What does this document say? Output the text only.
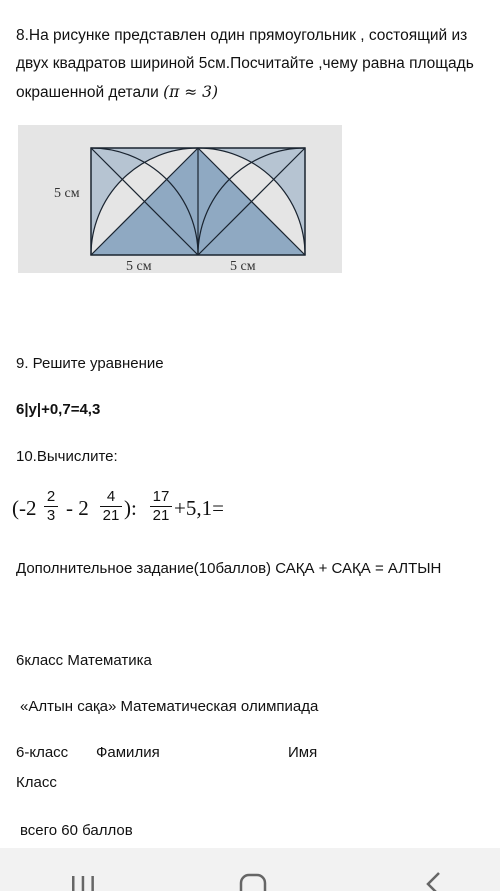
8.На рисунке представлен один прямоугольник , состоящий из двух квадратов шириной 5см.Посчитайте ,чему равна площадь окрашенной детали (π ≈ 3)
5 см
5 см	5 см
9. Решите уравнение
6|y|+0,7=4,3
10.Вычислите:
($-2 \frac{2}{3} - 2 \frac{4}{21}$ ): $\frac{17}{21} +5,1=$
Дополнительное задание(10баллов) САҚА + САҚА = АЛТЫН
6класс Математика
«Алтын сақа» Математическая олимпиада
6-класс Фамилия	Имя
Класс
всего 60 баллов
